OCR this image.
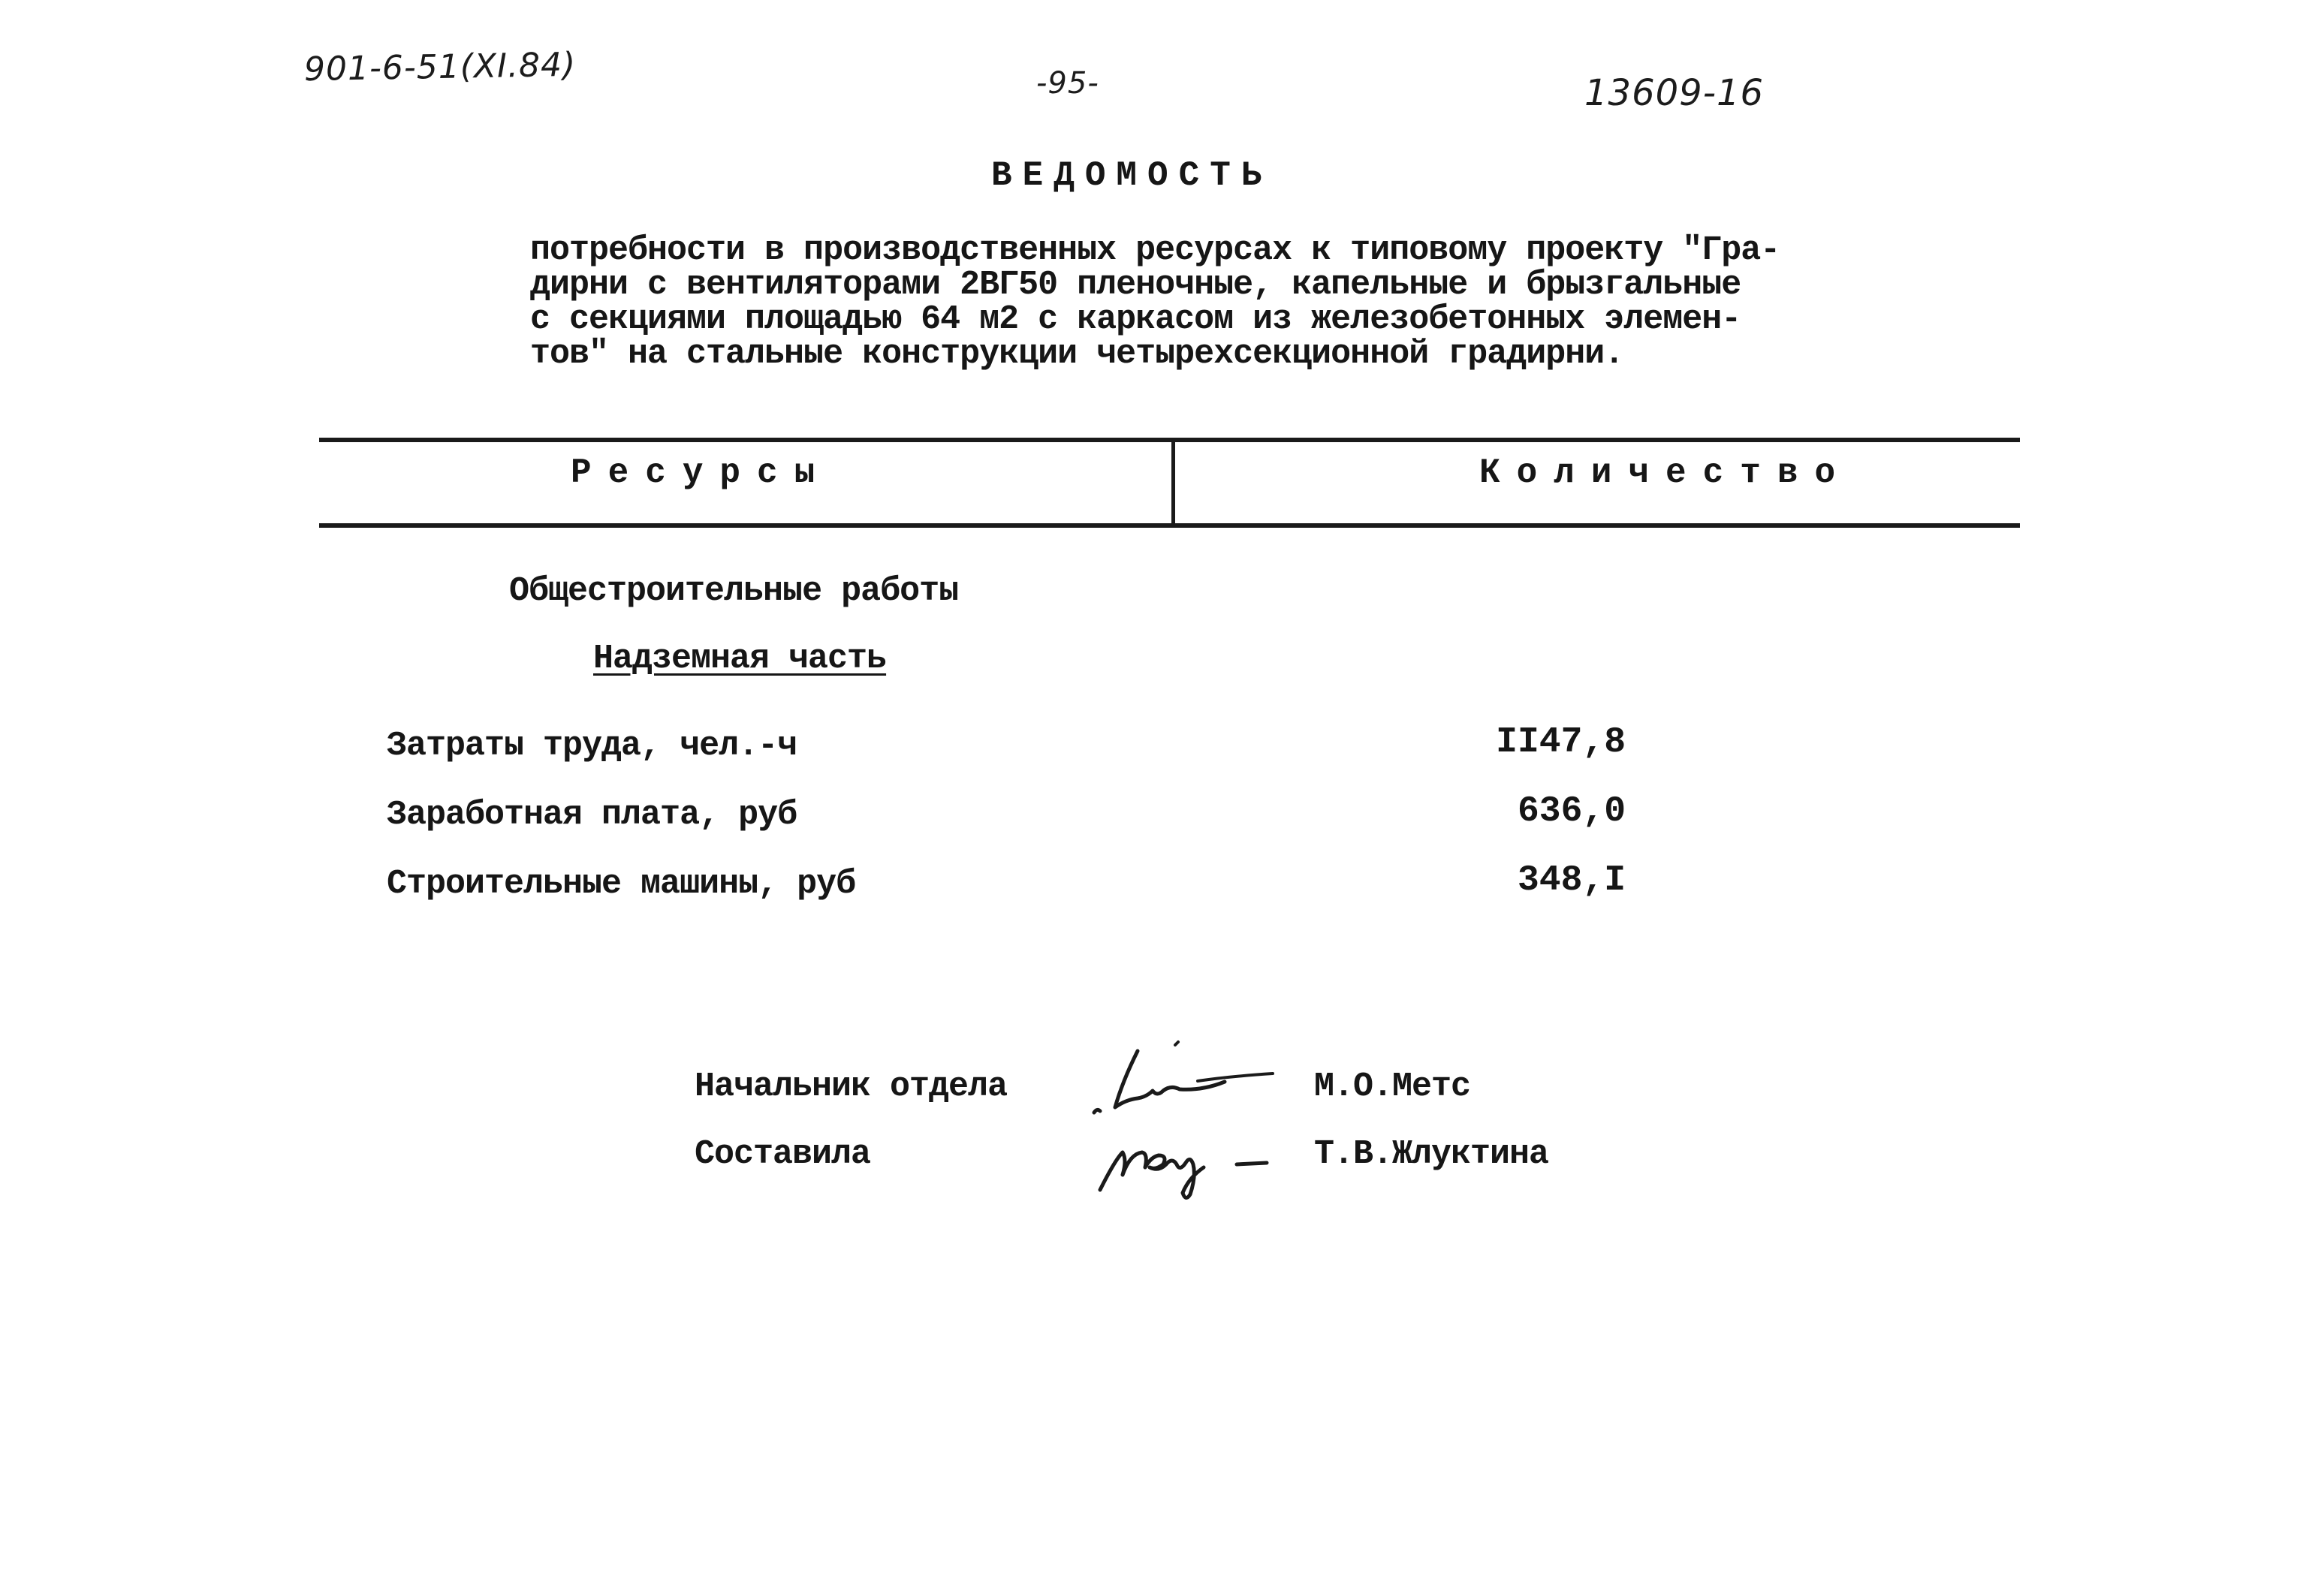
901-6-51(XI.84)	-95-	13609-16
ВЕДОМОСТЬ
потребности в производственных ресурсах к типовому проекту "Гра-
дирни с вентиляторами 2ВГ50 пленочные, капельные и брызгальные
с секциями площадью 64 м2 с каркасом из железобетонных элемен-
тов" на стальные конструкции четырехсекционной градирни.
Ресурсы	Количество
Общестроительные работы
Надземная часть
Затраты труда, чел.-ч	II47,8
Заработная плата, руб	636,0
Строительные машины, руб	348,I
Начальник отдела	М.О.Метс
Составила	Т.В.Жлуктина
